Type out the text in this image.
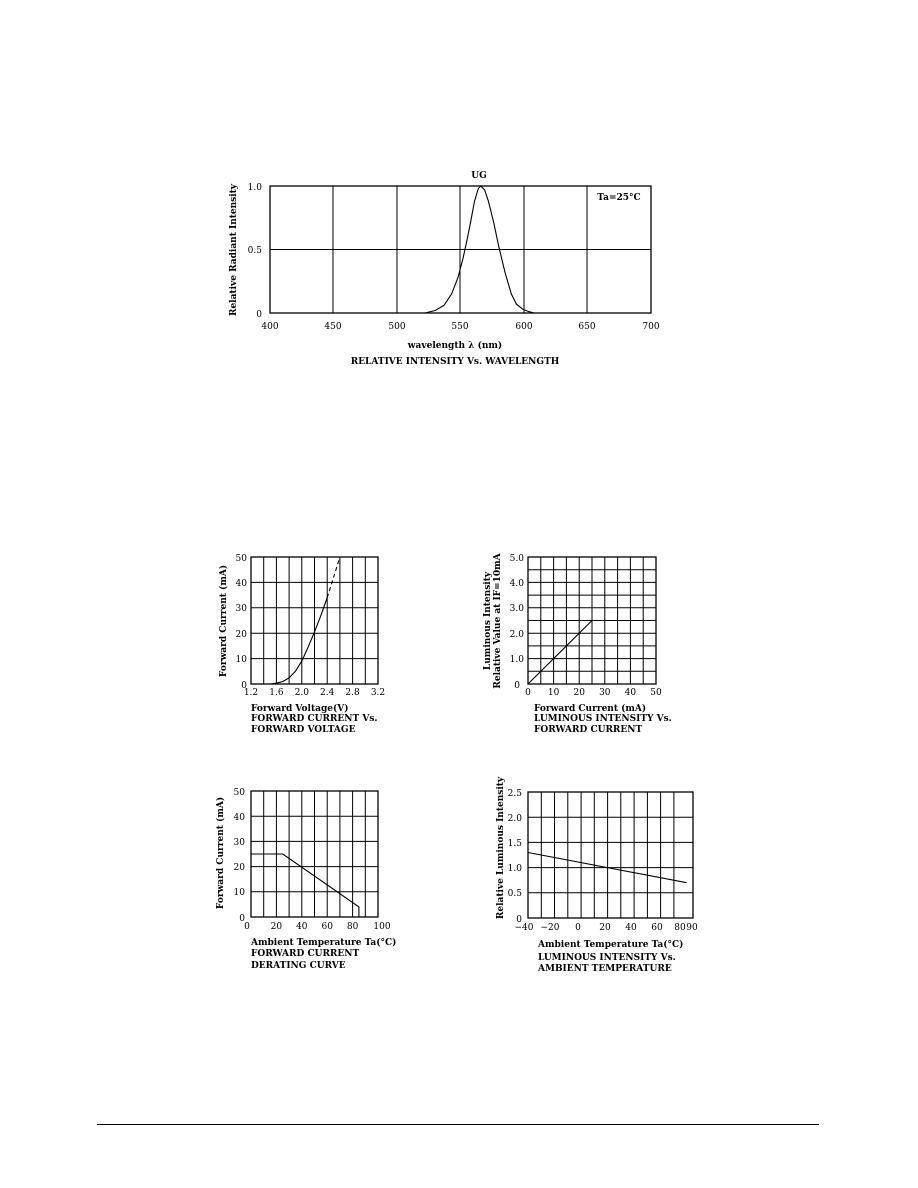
UG
Ta=25°C
1.0
0.5
0
400	450	500	550	600	650	700
wavelength λ (nm)
Relative Radiant Intensity
RELATIVE INTENSITY Vs. WAVELENGTH
50
40
30
20
10
0
1.2 1.6 2.0 2.4 2.8 3.2
Forward Voltage(V)
FORWARD CURRENT Vs.
FORWARD VOLTAGE
Forward Current (mA)
5.0
4.0
3.0
2.0
1.0
0
0 10 20 30 40 50
Forward Current (mA)
LUMINOUS INTENSITY Vs.
FORWARD CURRENT
Luminous Intensity Relative Value at IF=10mA
50
40
30
20
10
0
0 20 40 60 80 100
Ambient Temperature Ta(°C)
FORWARD CURRENT
DERATING CURVE
Forward Current (mA)
2.5
2.0
1.5
1.0
0.5
0
−40 −20 0 20 40 60 80 90
Ambient Temperature Ta(°C)
LUMINOUS INTENSITY Vs.
AMBIENT TEMPERATURE
Relative Luminous Intensity
